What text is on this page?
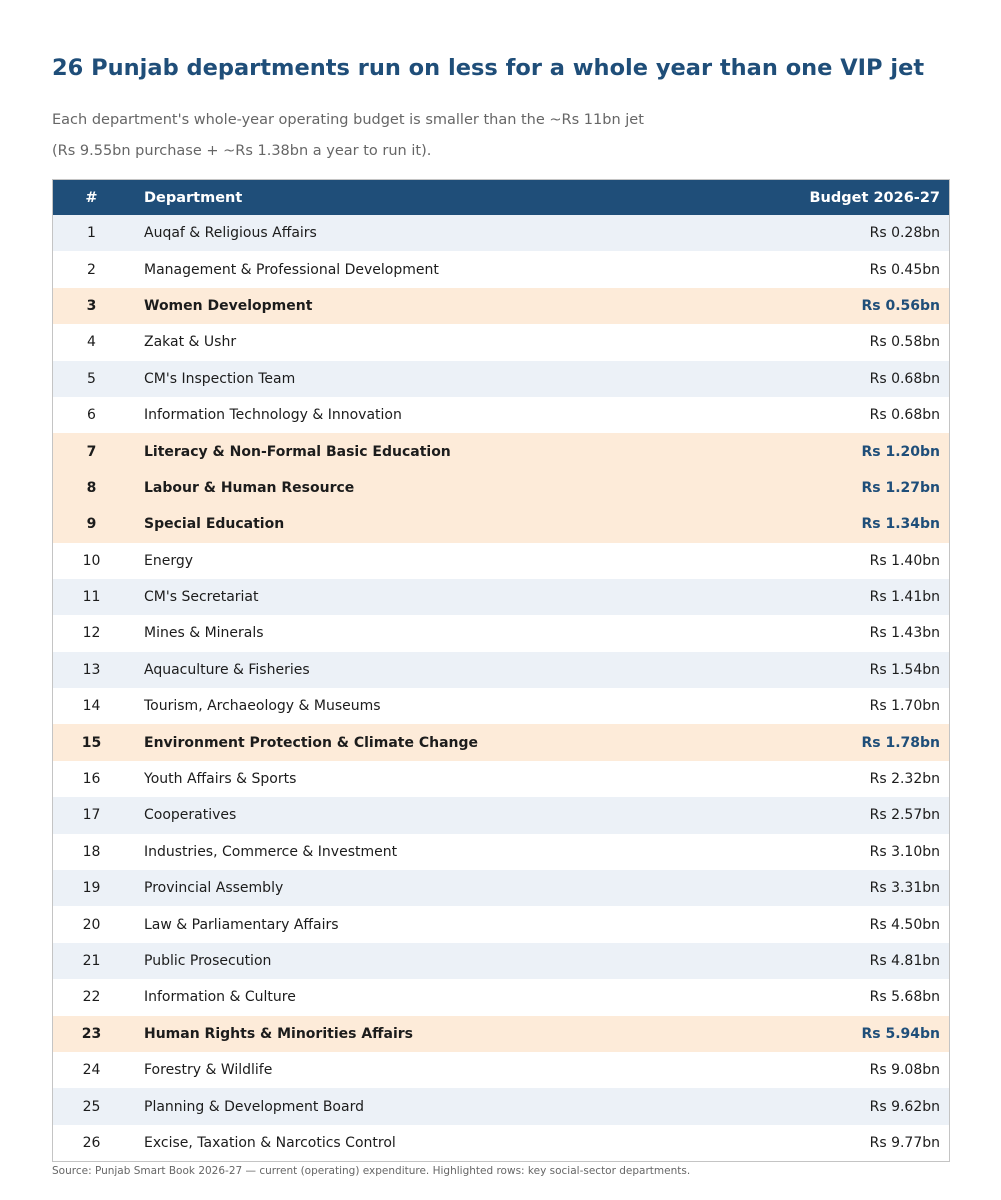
26 Punjab departments run on less for a whole year than one VIP jet
Each department's whole-year operating budget is smaller than the ~Rs 11bn jet
(Rs 9.55bn purchase + ~Rs 1.38bn a year to run it).
#	Department	Budget 2026-27
1	Auqaf & Religious Affairs	Rs 0.28bn
2	Management & Professional Development	Rs 0.45bn
3	Women Development	Rs 0.56bn
4	Zakat & Ushr	Rs 0.58bn
5	CM's Inspection Team	Rs 0.68bn
6	Information Technology & Innovation	Rs 0.68bn
7	Literacy & Non-Formal Basic Education	Rs 1.20bn
8	Labour & Human Resource	Rs 1.27bn
9	Special Education	Rs 1.34bn
10	Energy	Rs 1.40bn
11	CM's Secretariat	Rs 1.41bn
12	Mines & Minerals	Rs 1.43bn
13	Aquaculture & Fisheries	Rs 1.54bn
14	Tourism, Archaeology & Museums	Rs 1.70bn
15	Environment Protection & Climate Change	Rs 1.78bn
16	Youth Affairs & Sports	Rs 2.32bn
17	Cooperatives	Rs 2.57bn
18	Industries, Commerce & Investment	Rs 3.10bn
19	Provincial Assembly	Rs 3.31bn
20	Law & Parliamentary Affairs	Rs 4.50bn
21	Public Prosecution	Rs 4.81bn
22	Information & Culture	Rs 5.68bn
23	Human Rights & Minorities Affairs	Rs 5.94bn
24	Forestry & Wildlife	Rs 9.08bn
25	Planning & Development Board	Rs 9.62bn
26	Excise, Taxation & Narcotics Control	Rs 9.77bn
Source: Punjab Smart Book 2026-27 — current (operating) expenditure. Highlighted rows: key social-sector departments.
